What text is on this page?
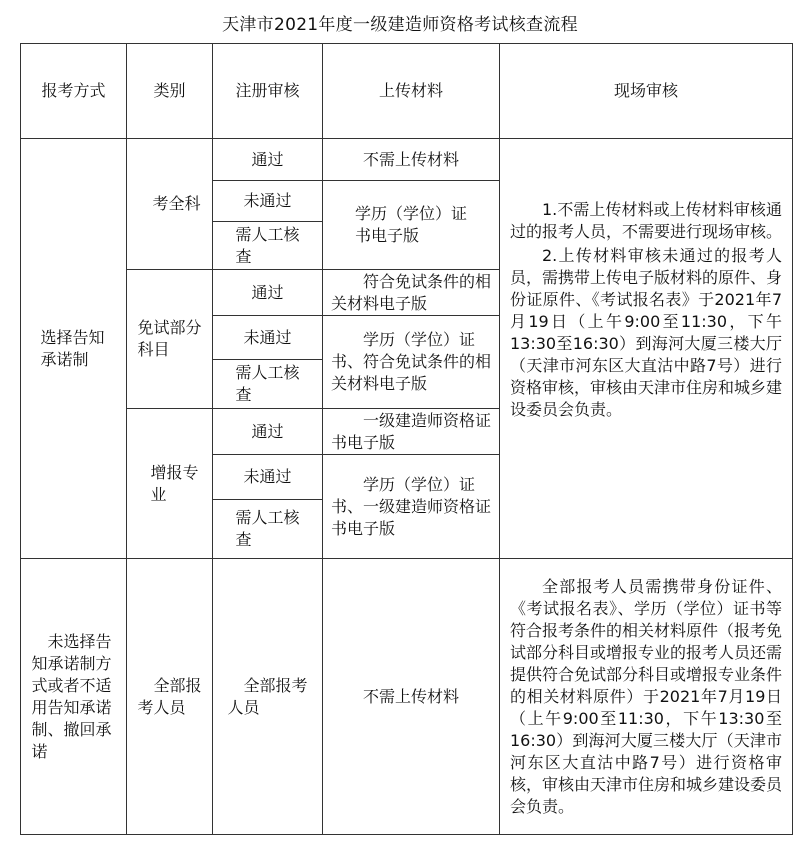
天津市2021年度一级建造师资格考试核查流程
报考方式	类别	注册审核	上传材料	现场审核

选择告知承诺制	考全科	通过	不需上传材料	1.不需上传材料或上传材料审核通过的报考人员，不需要进行现场审核。
2.上传材料审核未通过的报考人员，需携带上传电子版材料的原件、身份证原件、《考试报名表》于2021年7月19日（上午9:00至11:30，下午13:30至16:30）到海河大厦三楼大厅（天津市河东区大直沽中路7号）进行资格审核，审核由天津市住房和城乡建设委员会负责。

		未通过	学历（学位）证书电子版	

		需人工核查		

	免试部分科目	通过	符合免试条件的相关材料电子版	

		未通过	学历（学位）证书、符合免试条件的相关材料电子版	

		需人工核查		

	增报专业	通过	一级建造师资格证书电子版	

		未通过	学历（学位）证书、一级建造师资格证书电子版	

		需人工核查		

未选择告知承诺制方式或者不适用告知承诺制、撤回承诺	全部报考人员	全部报考人员	不需上传材料	全部报考人员需携带身份证件、《考试报名表》、学历（学位）证书等符合报考条件的相关材料原件（报考免试部分科目或增报专业的报考人员还需提供符合免试部分科目或增报专业条件的相关材料原件）于2021年7月19日（上午9:00至11:30，下午13:30至16:30）到海河大厦三楼大厅（天津市河东区大直沽中路7号）进行资格审核，审核由天津市住房和城乡建设委员会负责。
